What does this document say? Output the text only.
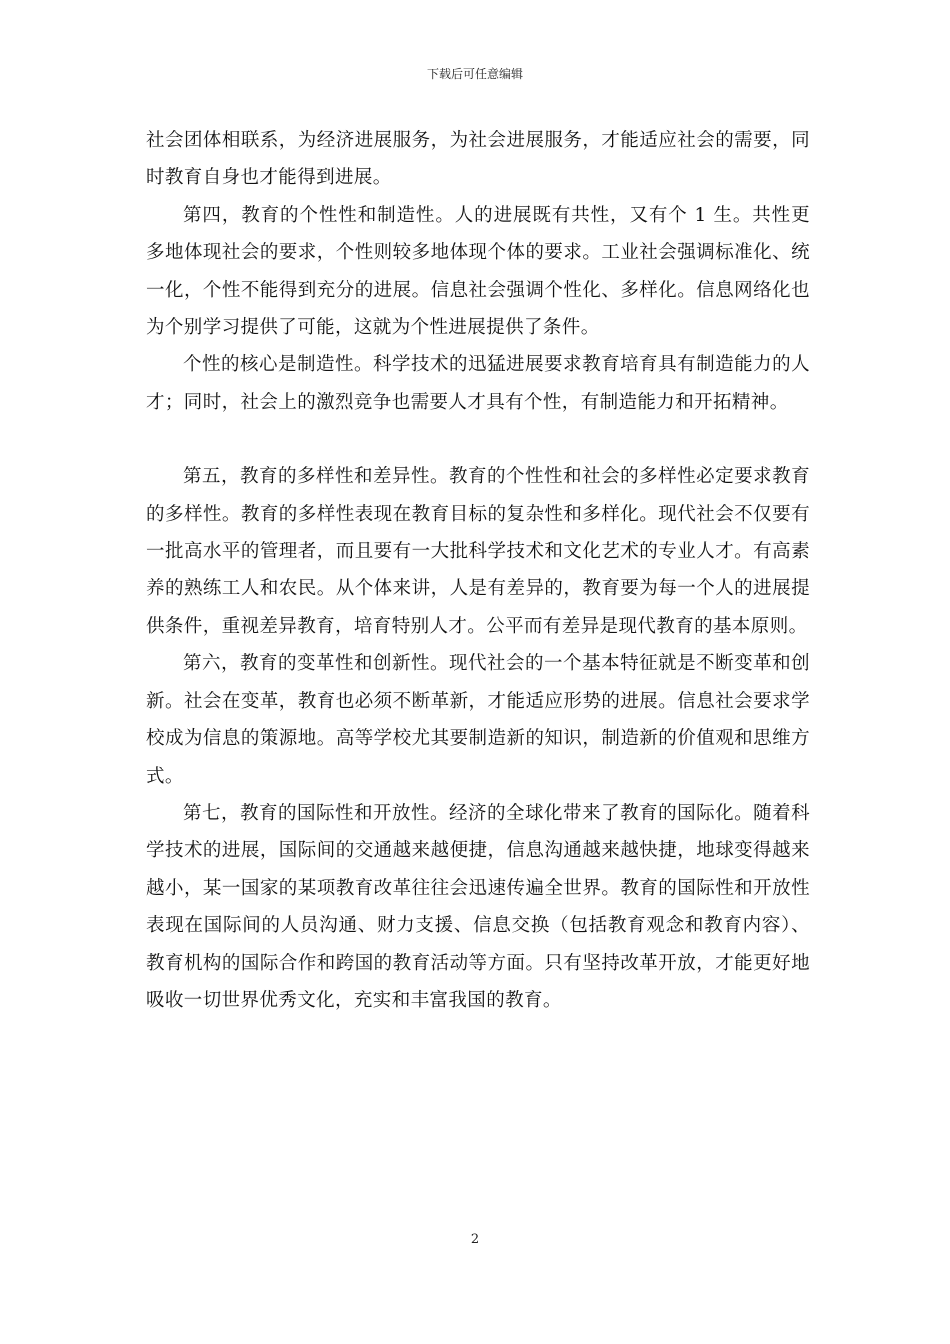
下载后可任意编辑

社会团体相联系，为经济进展服务，为社会进展服务，才能适应社会的需要，同时教育自身也才能得到进展。

第四，教育的个性性和制造性。人的进展既有共性，又有个 1 生。共性更多地体现社会的要求，个性则较多地体现个体的要求。工业社会强调标准化、统一化，个性不能得到充分的进展。信息社会强调个性化、多样化。信息网络化也为个别学习提供了可能，这就为个性进展提供了条件。

个性的核心是制造性。科学技术的迅猛进展要求教育培育具有制造能力的人才；同时，社会上的激烈竞争也需要人才具有个性，有制造能力和开拓精神。

第五，教育的多样性和差异性。教育的个性性和社会的多样性必定要求教育的多样性。教育的多样性表现在教育目标的复杂性和多样化。现代社会不仅要有一批高水平的管理者，而且要有一大批科学技术和文化艺术的专业人才。有高素养的熟练工人和农民。从个体来讲，人是有差异的，教育要为每一个人的进展提供条件，重视差异教育，培育特别人才。公平而有差异是现代教育的基本原则。

第六，教育的变革性和创新性。现代社会的一个基本特征就是不断变革和创新。社会在变革，教育也必须不断革新，才能适应形势的进展。信息社会要求学校成为信息的策源地。高等学校尤其要制造新的知识，制造新的价值观和思维方式。

第七，教育的国际性和开放性。经济的全球化带来了教育的国际化。随着科学技术的进展，国际间的交通越来越便捷，信息沟通越来越快捷，地球变得越来越小，某一国家的某项教育改革往往会迅速传遍全世界。教育的国际性和开放性表现在国际间的人员沟通、财力支援、信息交换（包括教育观念和教育内容）、教育机构的国际合作和跨国的教育活动等方面。只有坚持改革开放，才能更好地吸收一切世界优秀文化，充实和丰富我国的教育。

2
